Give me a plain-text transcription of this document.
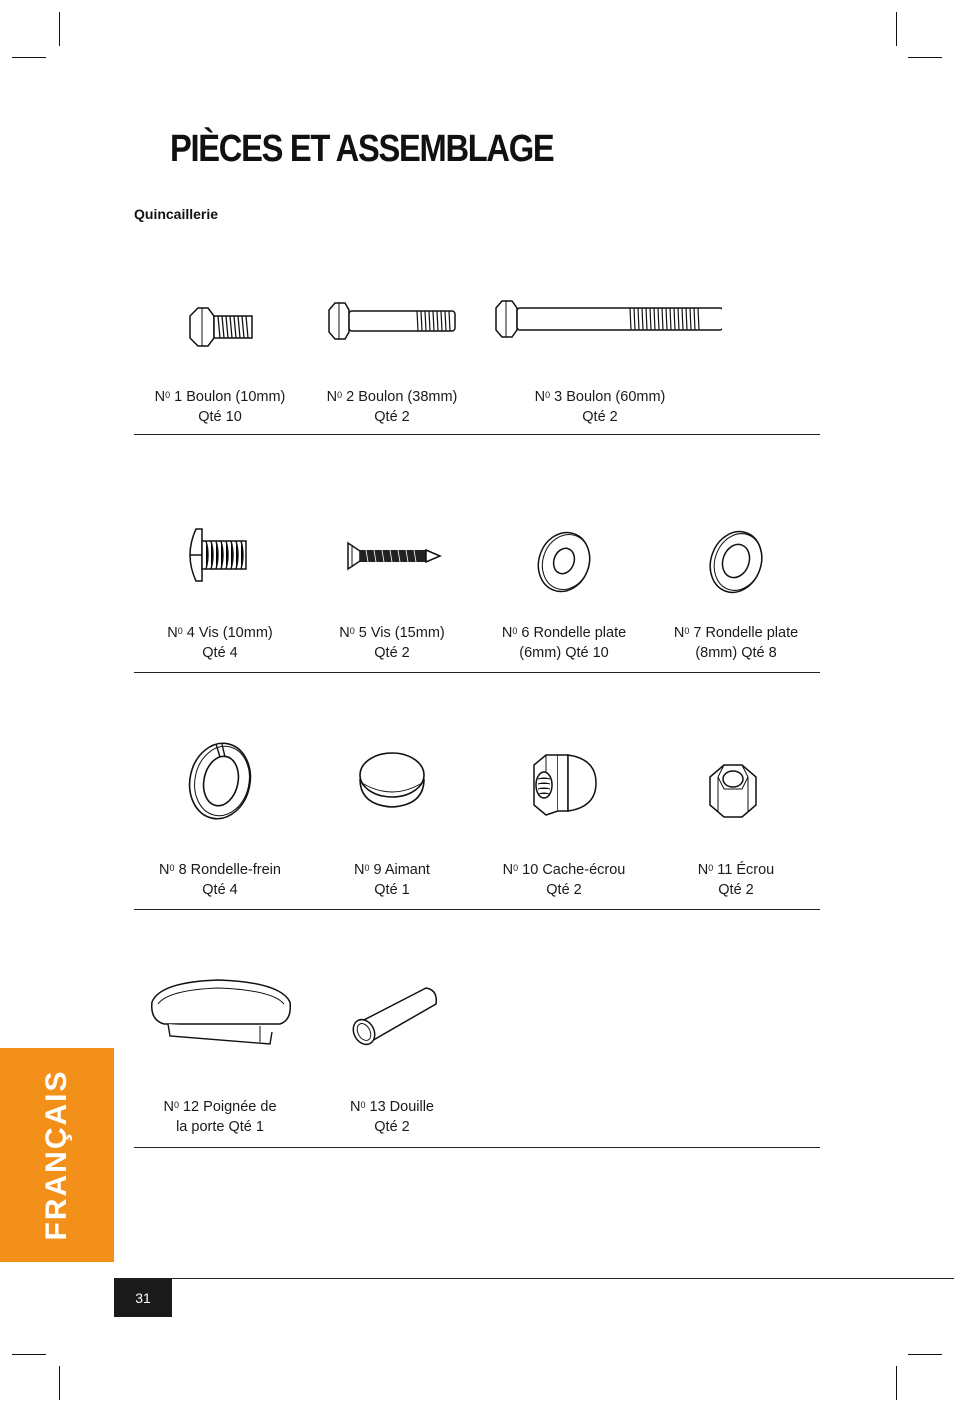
PIÈCES ET ASSEMBLAGE
Quincaillerie
$N^0$ 1 Boulon (10mm)
Qté 10
$N^0$ 2 Boulon (38mm)
Qté 2
$N^0$ 3 Boulon (60mm)
Qté 2
$N^0$ 4 Vis (10mm)
Qté 4
$N^0$ 5 Vis (15mm)
Qté 2
$N^0$ 6 Rondelle plate
(6mm) Qté 10
$N^0$ 7 Rondelle plate
(8mm) Qté 8
$N^0$ 8 Rondelle-frein
Qté 4
$N^0$ 9 Aimant
Qté 1
$N^0$ 10 Cache-écrou
Qté 2
$N^0$ 11 Écrou
Qté 2
$N^0$ 12 Poignée de
la porte Qté 1
$N^0$ 13 Douille
Qté 2
FRANÇAIS
31
